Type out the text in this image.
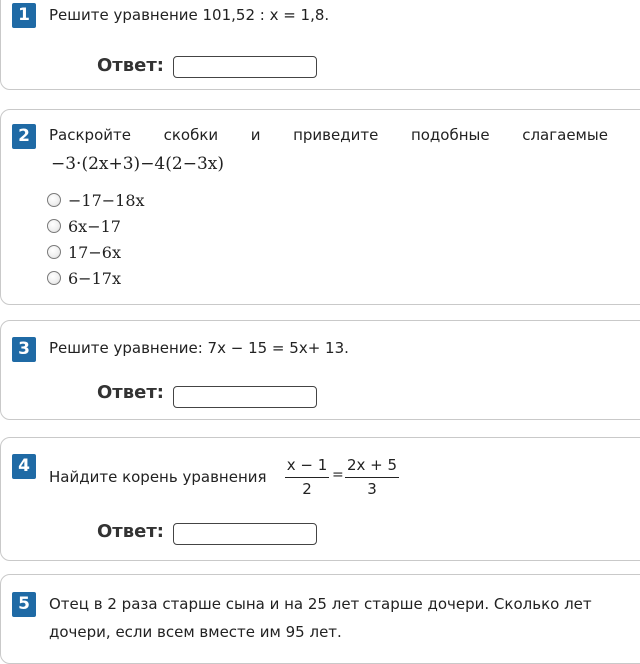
1	Решите уравнение 101,52 : x = 1,8.
Ответ:
2	Раскройте скобки и приведите подобные слагаемые
−3·(2x+3)−4(2−3x)
−17−18x
6x−17
17−6x
6−17x
3	Решите уравнение: 7x − 15 = 5x+ 13.
Ответ:
4
Найдите корень уравнения
x − 1
2
=
2x + 5
3
Ответ:
5	Отец в 2 раза старше сына и на 25 лет старше дочери. Сколько лет
дочери, если всем вместе им 95 лет.
